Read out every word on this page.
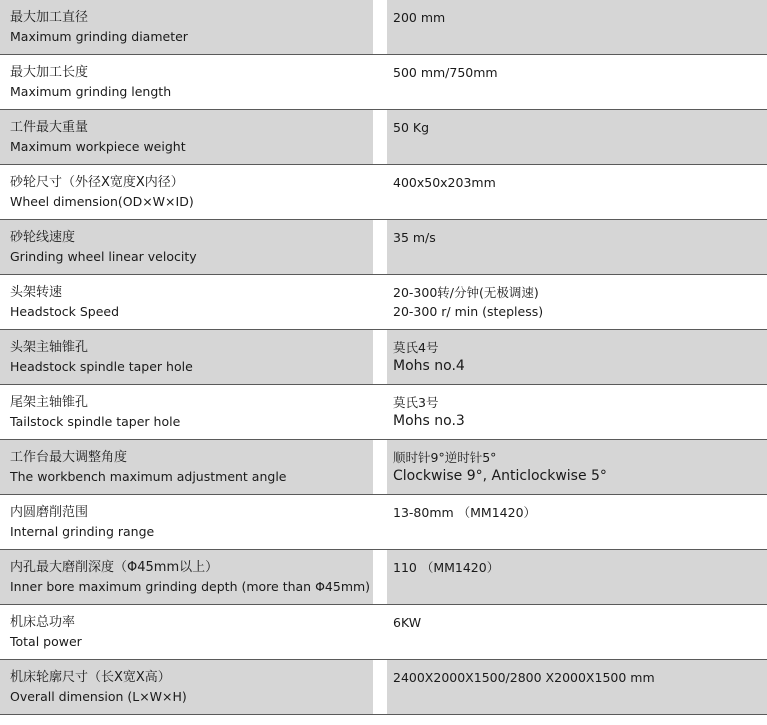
最大加工直径
Maximum grinding diameter
200 mm
最大加工长度
Maximum grinding length
500 mm/750mm
工件最大重量
Maximum workpiece weight
50 Kg
砂轮尺寸（外径X宽度X内径）
Wheel dimension(OD×W×ID)
400x50x203mm
砂轮线速度
Grinding wheel linear velocity
35 m/s
头架转速
Headstock Speed
20-300转/分钟(无极调速)
20-300 r/ min (stepless)
头架主轴锥孔
Headstock spindle taper hole
莫氏4号
Mohs no.4
尾架主轴锥孔
Tailstock spindle taper hole
莫氏3号
Mohs no.3
工作台最大调整角度
The workbench maximum adjustment angle
顺时针9°逆时针5°
Clockwise 9°, Anticlockwise 5°
内圆磨削范围
Internal grinding range
13-80mm （MM1420）
内孔最大磨削深度（Φ45mm以上）
Inner bore maximum grinding depth (more than Φ45mm)
110 （MM1420）
机床总功率
Total power
6KW
机床轮廓尺寸（长X宽X高）
Overall dimension (L×W×H)
2400X2000X1500/2800 X2000X1500 mm
